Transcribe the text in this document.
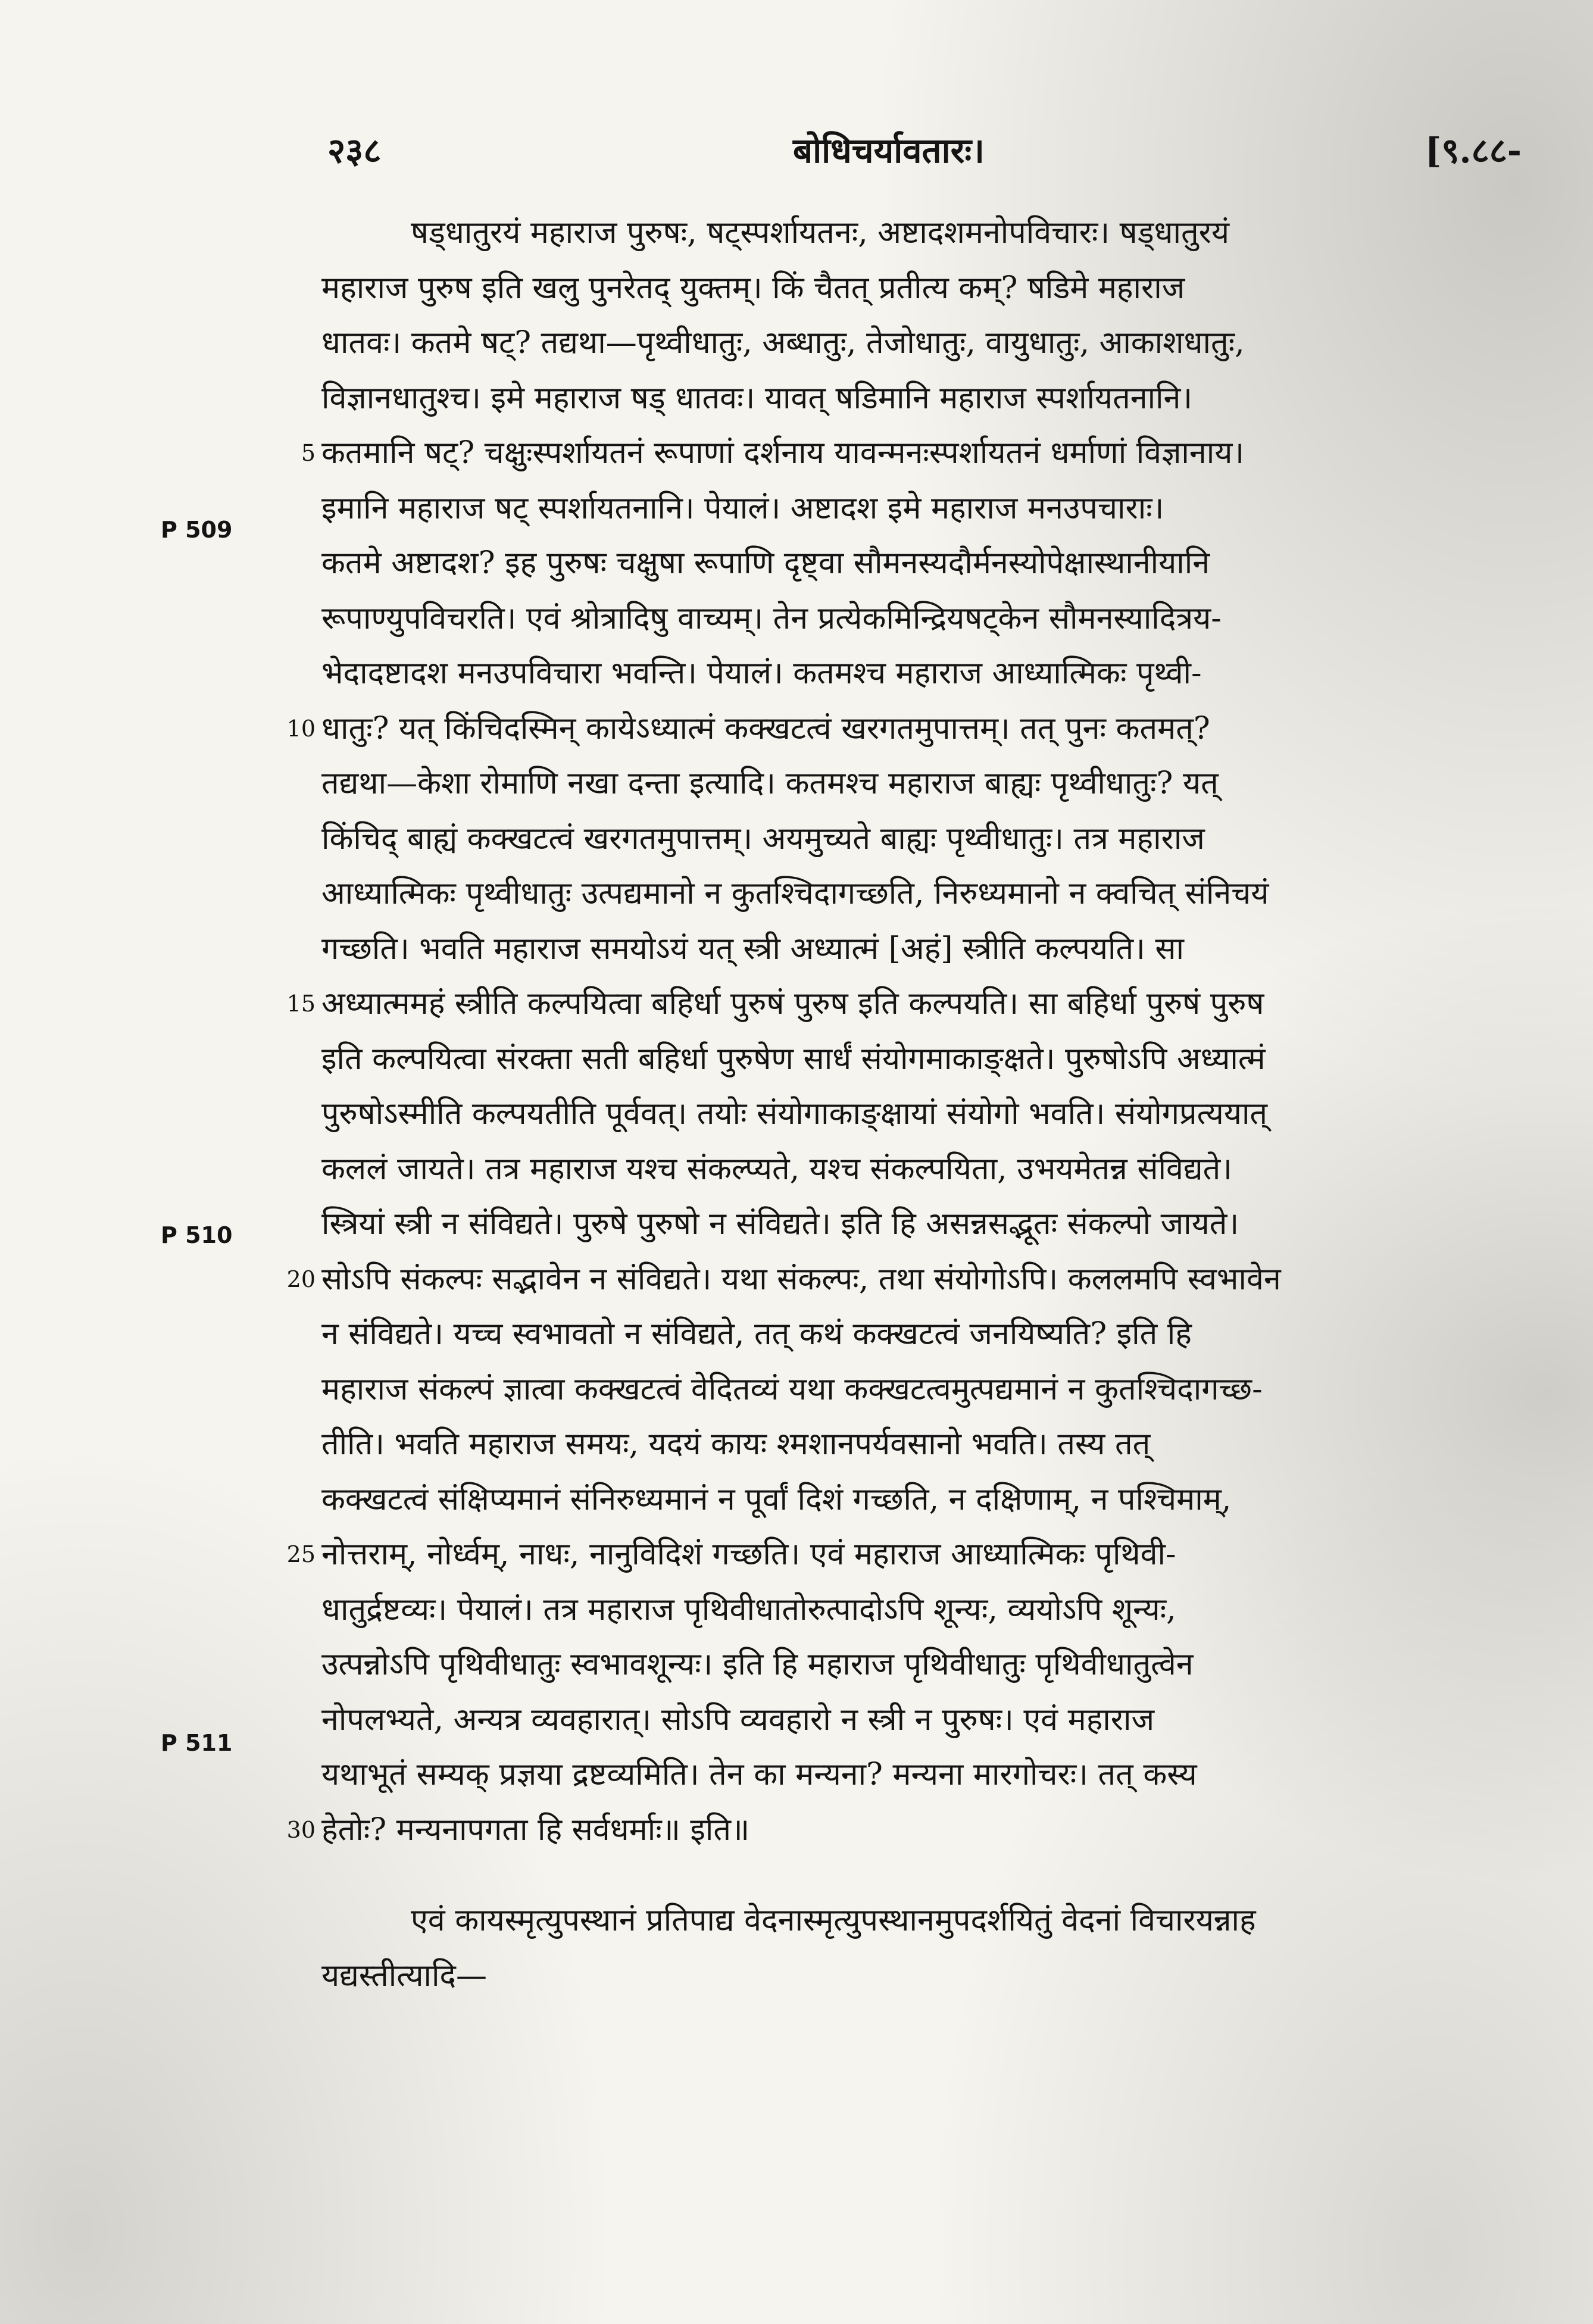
२३८	बोधिचर्यावतारः।	[९.८८-
P 509
P 510
P 511
षड्धातुरयं महाराज पुरुषः, षट्स्पर्शायतनः, अष्टादशमनोपविचारः। षड्धातुरयं
महाराज पुरुष इति खलु पुनरेतद् युक्तम्। किं चैतत् प्रतीत्य कम्? षडिमे महाराज
धातवः। कतमे षट्? तद्यथा—पृथ्वीधातुः, अब्धातुः, तेजोधातुः, वायुधातुः, आकाशधातुः,
विज्ञानधातुश्च। इमे महाराज षड् धातवः। यावत् षडिमानि महाराज स्पर्शायतनानि।
5 कतमानि षट्? चक्षुःस्पर्शायतनं रूपाणां दर्शनाय यावन्मनःस्पर्शायतनं धर्माणां विज्ञानाय।
इमानि महाराज षट् स्पर्शायतनानि। पेयालं। अष्टादश इमे महाराज मनउपचाराः।
कतमे अष्टादश? इह पुरुषः चक्षुषा रूपाणि दृष्ट्वा सौमनस्यदौर्मनस्योपेक्षास्थानीयानि
रूपाण्युपविचरति। एवं श्रोत्रादिषु वाच्यम्। तेन प्रत्येकमिन्द्रियषट्केन सौमनस्यादित्रय-
भेदादष्टादश मनउपविचारा भवन्ति। पेयालं। कतमश्च महाराज आध्यात्मिकः पृथ्वी-
10 धातुः? यत् किंचिदस्मिन् कायेऽध्यात्मं कक्खटत्वं खरगतमुपात्तम्। तत् पुनः कतमत्?
तद्यथा—केशा रोमाणि नखा दन्ता इत्यादि। कतमश्च महाराज बाह्यः पृथ्वीधातुः? यत्
किंचिद् बाह्यं कक्खटत्वं खरगतमुपात्तम्। अयमुच्यते बाह्यः पृथ्वीधातुः। तत्र महाराज
आध्यात्मिकः पृथ्वीधातुः उत्पद्यमानो न कुतश्चिदागच्छति, निरुध्यमानो न क्वचित् संनिचयं
गच्छति। भवति महाराज समयोऽयं यत् स्त्री अध्यात्मं [अहं] स्त्रीति कल्पयति। सा
15 अध्यात्ममहं स्त्रीति कल्पयित्वा बहिर्धा पुरुषं पुरुष इति कल्पयति। सा बहिर्धा पुरुषं पुरुष
इति कल्पयित्वा संरक्ता सती बहिर्धा पुरुषेण सार्धं संयोगमाकाङ्क्षते। पुरुषोऽपि अध्यात्मं
पुरुषोऽस्मीति कल्पयतीति पूर्ववत्। तयोः संयोगाकाङ्क्षायां संयोगो भवति। संयोगप्रत्ययात्
कललं जायते। तत्र महाराज यश्च संकल्प्यते, यश्च संकल्पयिता, उभयमेतन्न संविद्यते।
स्त्रियां स्त्री न संविद्यते। पुरुषे पुरुषो न संविद्यते। इति हि असन्नसद्भूतः संकल्पो जायते।
20 सोऽपि संकल्पः सद्भावेन न संविद्यते। यथा संकल्पः, तथा संयोगोऽपि। कललमपि स्वभावेन
न संविद्यते। यच्च स्वभावतो न संविद्यते, तत् कथं कक्खटत्वं जनयिष्यति? इति हि
महाराज संकल्पं ज्ञात्वा कक्खटत्वं वेदितव्यं यथा कक्खटत्वमुत्पद्यमानं न कुतश्चिदागच्छ-
तीति। भवति महाराज समयः, यदयं कायः श्मशानपर्यवसानो भवति। तस्य तत्
कक्खटत्वं संक्षिप्यमानं संनिरुध्यमानं न पूर्वां दिशं गच्छति, न दक्षिणाम्, न पश्चिमाम्,
25 नोत्तराम्, नोर्ध्वम्, नाधः, नानुविदिशं गच्छति। एवं महाराज आध्यात्मिकः पृथिवी-
धातुर्द्रष्टव्यः। पेयालं। तत्र महाराज पृथिवीधातोरुत्पादोऽपि शून्यः, व्ययोऽपि शून्यः,
उत्पन्नोऽपि पृथिवीधातुः स्वभावशून्यः। इति हि महाराज पृथिवीधातुः पृथिवीधातुत्वेन
नोपलभ्यते, अन्यत्र व्यवहारात्। सोऽपि व्यवहारो न स्त्री न पुरुषः। एवं महाराज
यथाभूतं सम्यक् प्रज्ञया द्रष्टव्यमिति। तेन का मन्यना? मन्यना मारगोचरः। तत् कस्य
30 हेतोः? मन्यनापगता हि सर्वधर्माः॥ इति॥
एवं कायस्मृत्युपस्थानं प्रतिपाद्य वेदनास्मृत्युपस्थानमुपदर्शयितुं वेदनां विचारयन्नाह
यद्यस्तीत्यादि—
